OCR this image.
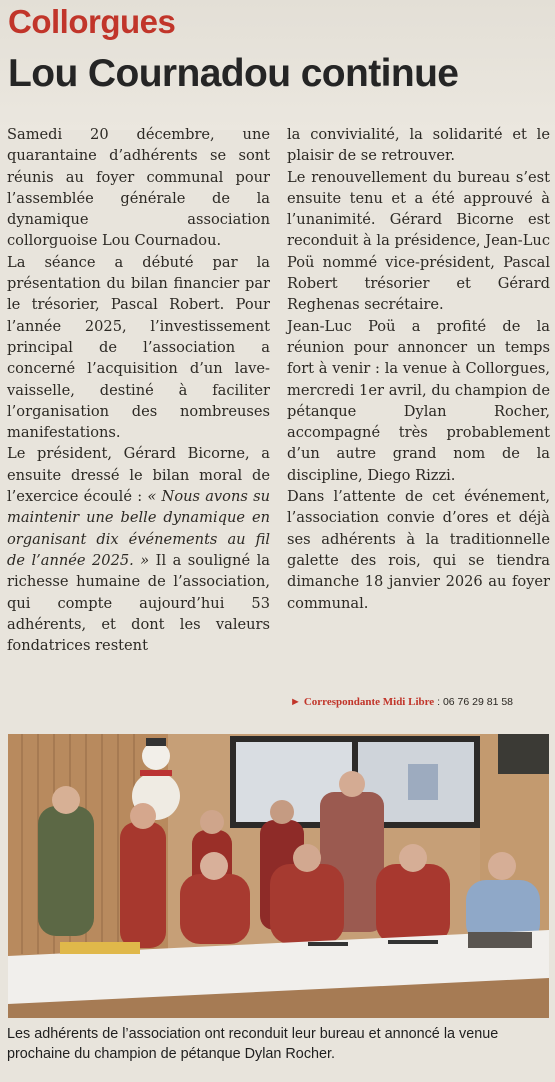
Collorgues
Lou Cournadou continue

Samedi 20 décembre, une quarantaine d’adhérents se sont réunis au foyer communal pour l’assemblée générale de la dynamique association collorguoise Lou Cournadou.

La séance a débuté par la présentation du bilan financier par le trésorier, Pascal Robert. Pour l’année 2025, l’investissement principal de l’association a concerné l’acquisition d’un lave-vaisselle, destiné à faciliter l’organisation des nombreuses manifestations.

Le président, Gérard Bicorne, a ensuite dressé le bilan moral de l’exercice écoulé : « Nous avons su maintenir une belle dynamique en organisant dix événements au fil de l’année 2025. » Il a souligné la richesse humaine de l’association, qui compte aujourd’hui 53 adhérents, et dont les valeurs fondatrices restent

la convivialité, la solidarité et le plaisir de se retrouver.

Le renouvellement du bureau s’est ensuite tenu et a été approuvé à l’unanimité. Gérard Bicorne est reconduit à la présidence, Jean-Luc Poü nommé vice-président, Pascal Robert trésorier et Gérard Reghenas secrétaire.

Jean-Luc Poü a profité de la réunion pour annoncer un temps fort à venir : la venue à Collorgues, mercredi 1er avril, du champion de pétanque Dylan Rocher, accompagné très probablement d’un autre grand nom de la discipline, Diego Rizzi.

Dans l’attente de cet événement, l’association convie d’ores et déjà ses adhérents à la traditionnelle galette des rois, qui se tiendra dimanche 18 janvier 2026 au foyer communal.

► Correspondante Midi Libre : 06 76 29 81 58
Les adhérents de l’association ont reconduit leur bureau et annoncé la venue prochaine du champion de pétanque Dylan Rocher.
